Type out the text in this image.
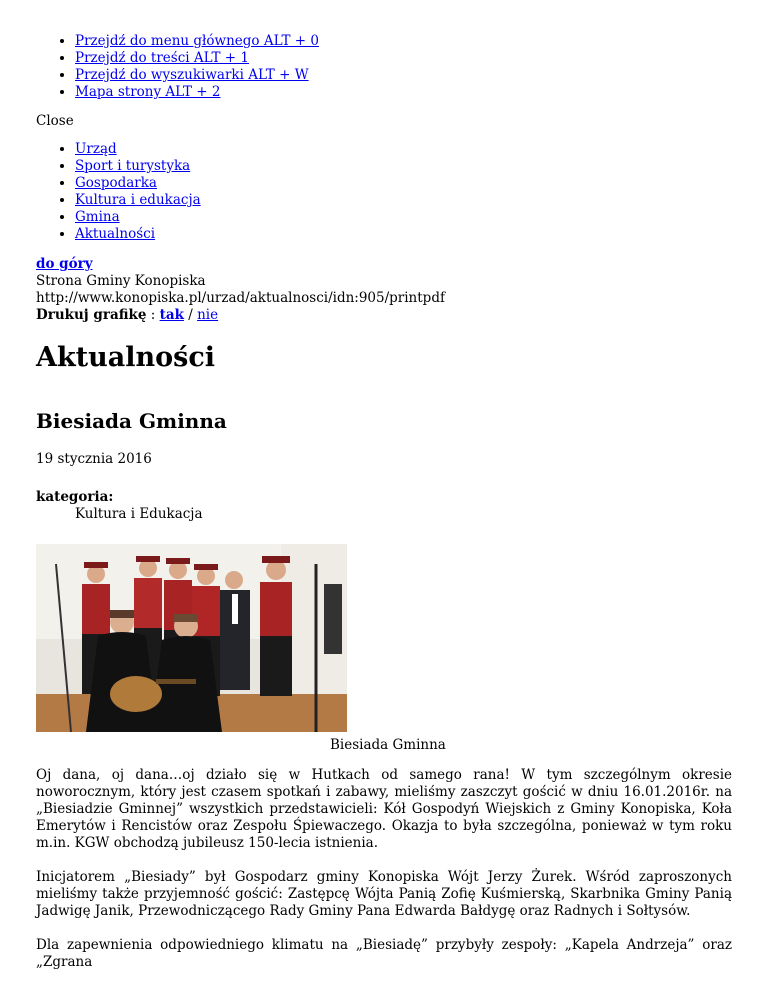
• Przejdź do menu głównego ALT + 0
• Przejdź do treści ALT + 1
• Przejdź do wyszukiwarki ALT + W
• Mapa strony ALT + 2
Close
• Urząd
• Sport i turystyka
• Gospodarka
• Kultura i edukacja
• Gmina
• Aktualności
do góry
Strona Gminy Konopiska
http://www.konopiska.pl/urzad/aktualnosci/idn:905/printpdf
Drukuj grafikę : tak / nie
Aktualności
Biesiada Gminna
19 stycznia 2016
kategoria:
Kultura i Edukacja
Biesiada Gminna

Oj dana, oj dana…oj działo się w Hutkach od samego rana! W tym szczególnym okresie noworocznym, który jest czasem spotkań i zabawy, mieliśmy zaszczyt gościć w dniu 16.01.2016r. na „Biesiadzie Gminnej” wszystkich przedstawicieli: Kół Gospodyń Wiejskich z Gminy Konopiska, Koła Emerytów i Rencistów oraz Zespołu Śpiewaczego. Okazja to była szczególna, ponieważ w tym roku m.in. KGW obchodzą jubileusz 150-lecia istnienia.

Inicjatorem „Biesiady” był Gospodarz gminy Konopiska Wójt Jerzy Żurek. Wśród zaproszonych mieliśmy także przyjemność gościć: Zastępcę Wójta Panią Zofię Kuśmierską, Skarbnika Gminy Panią Jadwigę Janik, Przewodniczącego Rady Gminy Pana Edwarda Bałdygę oraz Radnych i Sołtysów.

Dla zapewnienia odpowiedniego klimatu na „Biesiadę” przybyły zespoły: „Kapela Andrzeja” oraz „Zgrana
